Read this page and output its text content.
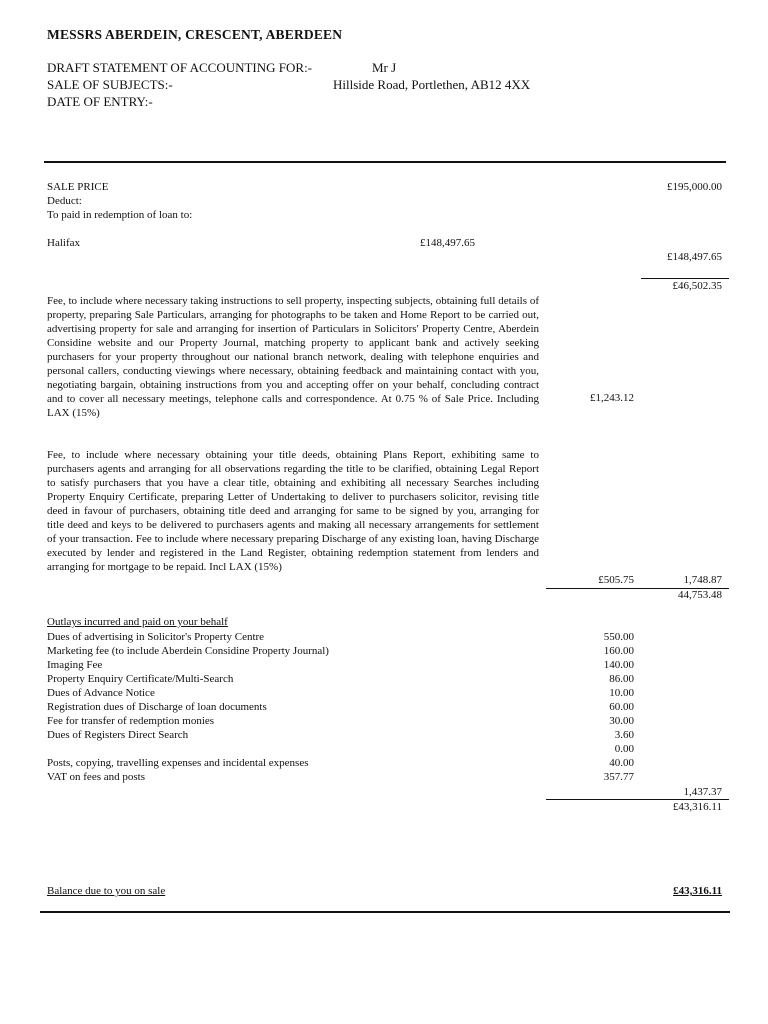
MESSRS ABERDEIN, CRESCENT, ABERDEEN
DRAFT STATEMENT OF ACCOUNTING FOR:-	Mr J
SALE OF SUBJECTS:-	Hillside Road, Portlethen, AB12 4XX
DATE OF ENTRY:-
SALE PRICE	£195,000.00
Deduct:
To paid in redemption of loan to:
Halifax	£148,497.65
£148,497.65
£46,502.35
Fee, to include where necessary taking instructions to sell property, inspecting subjects, obtaining full details of property, preparing Sale Particulars, arranging for photographs to be taken and Home Report to be carried out, advertising property for sale and arranging for insertion of Particulars in Solicitors' Property Centre, Aberdein Considine website and our Property Journal, matching property to applicant bank and actively seeking purchasers for your property throughout our national branch network, dealing with telephone enquiries and personal callers, conducting viewings where necessary, obtaining feedback and maintaining contact with you, negotiating bargain, obtaining instructions from you and accepting offer on your behalf, concluding contract and to cover all necessary meetings, telephone calls and correspondence. At 0.75 % of Sale Price. Including LAX (15%)
£1,243.12
Fee, to include where necessary obtaining your title deeds, obtaining Plans Report, exhibiting same to purchasers agents and arranging for all observations regarding the title to be clarified, obtaining Legal Report to satisfy purchasers that you have a clear title, obtaining and exhibiting all necessary Searches including Property Enquiry Certificate, preparing Letter of Undertaking to deliver to purchasers solicitor, revising title deed in favour of purchasers, obtaining title deed and arranging for same to be signed by you, arranging for title deed and keys to be delivered to purchasers agents and making all necessary arrangements for settlement of your transaction. Fee to include where necessary preparing Discharge of any existing loan, having Discharge executed by lender and registered in the Land Register, obtaining redemption statement from lenders and arranging for mortgage to be repaid. Incl LAX (15%)
£505.75	1,748.87
44,753.48
Outlays incurred and paid on your behalf
Dues of advertising in Solicitor's Property Centre	550.00
Marketing fee (to include Aberdein Considine Property Journal)	160.00
Imaging Fee	140.00
Property Enquiry Certificate/Multi-Search	86.00
Dues of Advance Notice	10.00
Registration dues of Discharge of loan documents	60.00
Fee for transfer of redemption monies	30.00
Dues of Registers Direct Search	3.60
0.00
Posts, copying, travelling expenses and incidental expenses	40.00
VAT on fees and posts	357.77
1,437.37
£43,316.11
Balance due to you on sale	£43,316.11
